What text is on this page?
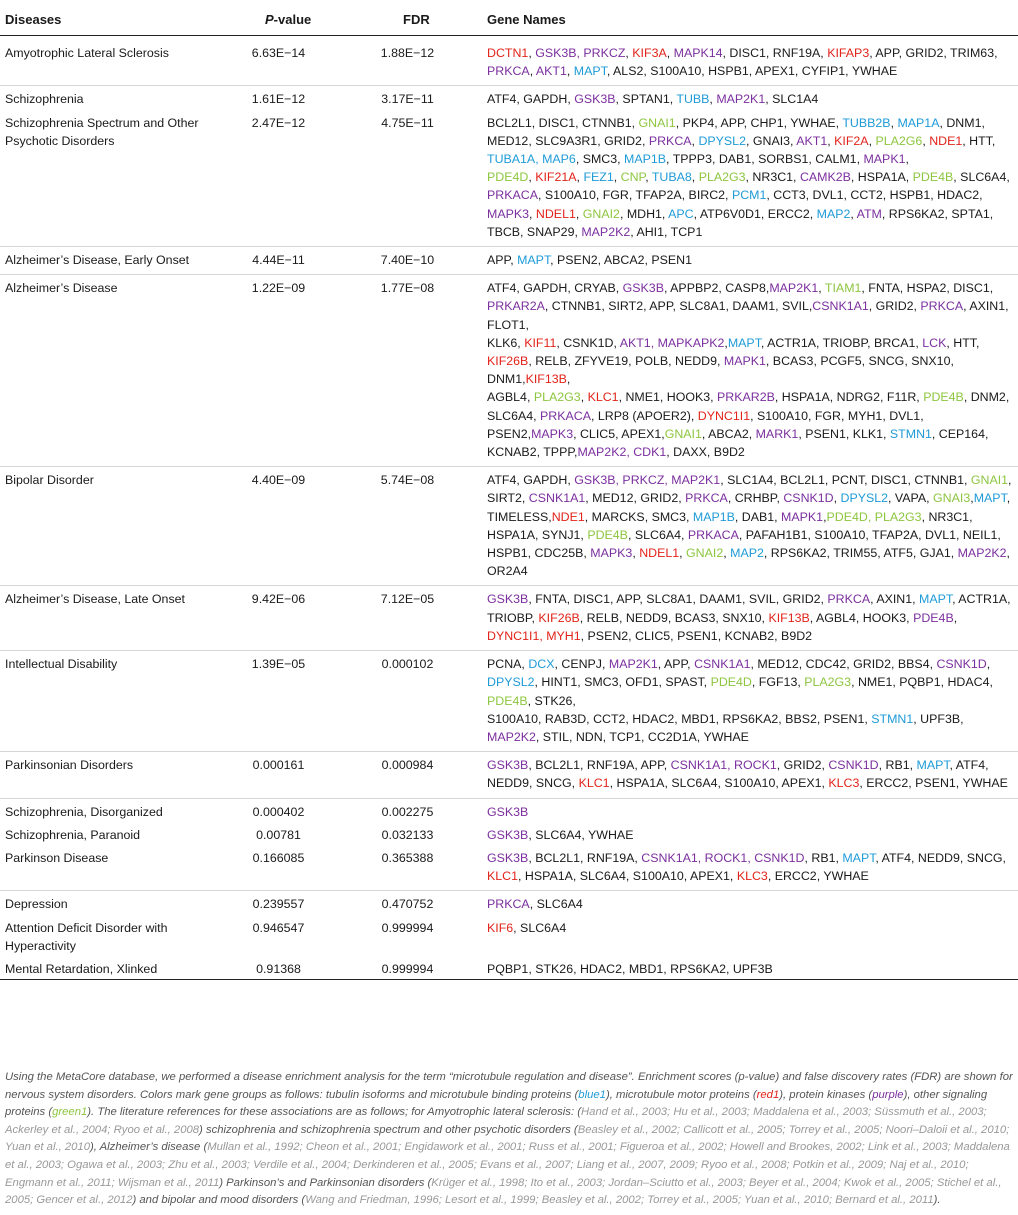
Diseases	P-value	FDR	Gene Names
Amyotrophic Lateral Sclerosis	6.63E−14	1.88E−12	DCTN1, GSK3B, PRKCZ, KIF3A, MAPK14, DISC1, RNF19A, KIFAP3, APP, GRID2, TRIM63, PRKCA, AKT1, MAPT, ALS2, S100A10, HSPB1, APEX1, CYFIP1, YWHAE
Schizophrenia	1.61E−12	3.17E−11	ATF4, GAPDH, GSK3B, SPTAN1, TUBB, MAP2K1, SLC1A4
Schizophrenia Spectrum and Other Psychotic Disorders	2.47E−12	4.75E−11	BCL2L1, DISC1, CTNNB1, GNAI1, PKP4, APP, CHP1, YWHAE, TUBB2B, MAP1A, DNM1, MED12, SLC9A3R1, GRID2, PRKCA, DPYSL2, GNAI3, AKT1, KIF2A, PLA2G6, NDE1, HTT, TUBA1A, MAP6, SMC3, MAP1B, TPPP3, DAB1, SORBS1, CALM1, MAPK1,
PDE4D, KIF21A, FEZ1, CNP, TUBA8, PLA2G3, NR3C1, CAMK2B, HSPA1A, PDE4B, SLC6A4, PRKACA, S100A10, FGR, TFAP2A, BIRC2, PCM1, CCT3, DVL1, CCT2, HSPB1, HDAC2, MAPK3, NDEL1, GNAI2, MDH1, APC, ATP6V0D1, ERCC2, MAP2, ATM, RPS6KA2, SPTA1, TBCB, SNAP29, MAP2K2, AHI1, TCP1
Alzheimer’s Disease, Early Onset	4.44E−11	7.40E−10	APP, MAPT, PSEN2, ABCA2, PSEN1
Alzheimer’s Disease	1.22E−09	1.77E−08	ATF4, GAPDH, CRYAB, GSK3B, APPBP2, CASP8,MAP2K1, TIAM1, FNTA, HSPA2, DISC1, PRKAR2A, CTNNB1, SIRT2, APP, SLC8A1, DAAM1, SVIL,CSNK1A1, GRID2, PRKCA, AXIN1, FLOT1,
KLK6, KIF11, CSNK1D, AKT1, MAPKAPK2,MAPT, ACTR1A, TRIOBP, BRCA1, LCK, HTT, KIF26B, RELB, ZFYVE19, POLB, NEDD9, MAPK1, BCAS3, PCGF5, SNCG, SNX10, DNM1,KIF13B,
AGBL4, PLA2G3, KLC1, NME1, HOOK3, PRKAR2B, HSPA1A, NDRG2, F11R, PDE4B, DNM2, SLC6A4, PRKACA, LRP8 (APOER2), DYNC1I1, S100A10, FGR, MYH1, DVL1, PSEN2,MAPK3, CLIC5, APEX1,GNAI1, ABCA2, MARK1, PSEN1, KLK1, STMN1, CEP164, KCNAB2, TPPP,MAP2K2, CDK1, DAXX, B9D2
Bipolar Disorder	4.40E−09	5.74E−08	ATF4, GAPDH, GSK3B, PRKCZ, MAP2K1, SLC1A4, BCL2L1, PCNT, DISC1, CTNNB1, GNAI1, SIRT2, CSNK1A1, MED12, GRID2, PRKCA, CRHBP, CSNK1D, DPYSL2, VAPA, GNAI3,MAPT, TIMELESS,NDE1, MARCKS, SMC3, MAP1B, DAB1, MAPK1,PDE4D, PLA2G3, NR3C1, HSPA1A, SYNJ1, PDE4B, SLC6A4, PRKACA, PAFAH1B1, S100A10, TFAP2A, DVL1, NEIL1, HSPB1, CDC25B, MAPK3, NDEL1, GNAI2, MAP2, RPS6KA2, TRIM55, ATF5, GJA1, MAP2K2, OR2A4
Alzheimer’s Disease, Late Onset	9.42E−06	7.12E−05	GSK3B, FNTA, DISC1, APP, SLC8A1, DAAM1, SVIL, GRID2, PRKCA, AXIN1, MAPT, ACTR1A, TRIOBP, KIF26B, RELB, NEDD9, BCAS3, SNX10, KIF13B, AGBL4, HOOK3, PDE4B, DYNC1I1, MYH1, PSEN2, CLIC5, PSEN1, KCNAB2, B9D2
Intellectual Disability	1.39E−05	0.000102	PCNA, DCX, CENPJ, MAP2K1, APP, CSNK1A1, MED12, CDC42, GRID2, BBS4, CSNK1D, DPYSL2, HINT1, SMC3, OFD1, SPAST, PDE4D, FGF13, PLA2G3, NME1, PQBP1, HDAC4, PDE4B, STK26,
S100A10, RAB3D, CCT2, HDAC2, MBD1, RPS6KA2, BBS2, PSEN1, STMN1, UPF3B, MAP2K2, STIL, NDN, TCP1, CC2D1A, YWHAE
Parkinsonian Disorders	0.000161	0.000984	GSK3B, BCL2L1, RNF19A, APP, CSNK1A1, ROCK1, GRID2, CSNK1D, RB1, MAPT, ATF4, NEDD9, SNCG, KLC1, HSPA1A, SLC6A4, S100A10, APEX1, KLC3, ERCC2, PSEN1, YWHAE
Schizophrenia, Disorganized	0.000402	0.002275	GSK3B
Schizophrenia, Paranoid	0.00781	0.032133	GSK3B, SLC6A4, YWHAE
Parkinson Disease	0.166085	0.365388	GSK3B, BCL2L1, RNF19A, CSNK1A1, ROCK1, CSNK1D, RB1, MAPT, ATF4, NEDD9, SNCG, KLC1, HSPA1A, SLC6A4, S100A10, APEX1, KLC3, ERCC2, YWHAE
Depression	0.239557	0.470752	PRKCA, SLC6A4
Attention Deficit Disorder with Hyperactivity	0.946547	0.999994	KIF6, SLC6A4
Mental Retardation, Xlinked	0.91368	0.999994	PQBP1, STK26, HDAC2, MBD1, RPS6KA2, UPF3B
Using the MetaCore database, we performed a disease enrichment analysis for the term “microtubule regulation and disease”. Enrichment scores (p-value) and false discovery rates (FDR) are shown for nervous system disorders. Colors mark gene groups as follows: tubulin isoforms and microtubule binding proteins (blue1), microtubule motor proteins (red1), protein kinases (purple), other signaling proteins (green1). The literature references for these associations are as follows; for Amyotrophic lateral sclerosis: (Hand et al., 2003; Hu et al., 2003; Maddalena et al., 2003; Süssmuth et al., 2003; Ackerley et al., 2004; Ryoo et al., 2008) schizophrenia and schizophrenia spectrum and other psychotic disorders (Beasley et al., 2002; Callicott et al., 2005; Torrey et al., 2005; Noori–Daloii et al., 2010; Yuan et al., 2010), Alzheimer’s disease (Mullan et al., 1992; Cheon et al., 2001; Engidawork et al., 2001; Russ et al., 2001; Figueroa et al., 2002; Howell and Brookes, 2002; Link et al., 2003; Maddalena et al., 2003; Ogawa et al., 2003; Zhu et al., 2003; Verdile et al., 2004; Derkinderen et al., 2005; Evans et al., 2007; Liang et al., 2007, 2009; Ryoo et al., 2008; Potkin et al., 2009; Naj et al., 2010; Engmann et al., 2011; Wijsman et al., 2011) Parkinson’s and Parkinsonian disorders (Krüger et al., 1998; Ito et al., 2003; Jordan–Sciutto et al., 2003; Beyer et al., 2004; Kwok et al., 2005; Stichel et al., 2005; Gencer et al., 2012) and bipolar and mood disorders (Wang and Friedman, 1996; Lesort et al., 1999; Beasley et al., 2002; Torrey et al., 2005; Yuan et al., 2010; Bernard et al., 2011).
